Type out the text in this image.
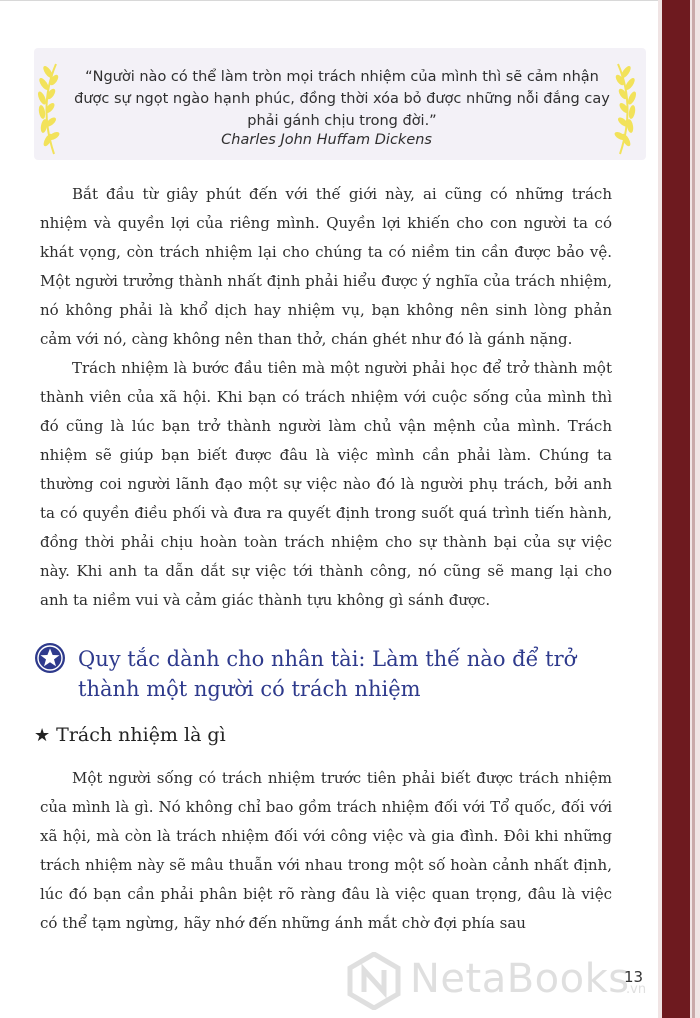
“Người nào có thể làm tròn mọi trách nhiệm của mình thì sẽ cảm nhận được sự ngọt ngào hạnh phúc, đồng thời xóa bỏ được những nỗi đắng cay phải gánh chịu trong đời.”
Charles John Huffam Dickens
Bắt đầu từ giây phút đến với thế giới này, ai cũng có những trách nhiệm và quyền lợi của riêng mình. Quyền lợi khiến cho con người ta có khát vọng, còn trách nhiệm lại cho chúng ta có niềm tin cần được bảo vệ. Một người trưởng thành nhất định phải hiểu được ý nghĩa của trách nhiệm, nó không phải là khổ dịch hay nhiệm vụ, bạn không nên sinh lòng phản cảm với nó, càng không nên than thở, chán ghét như đó là gánh nặng.
Trách nhiệm là bước đầu tiên mà một người phải học để trở thành một thành viên của xã hội. Khi bạn có trách nhiệm với cuộc sống của mình thì đó cũng là lúc bạn trở thành người làm chủ vận mệnh của mình. Trách nhiệm sẽ giúp bạn biết được đâu là việc mình cần phải làm. Chúng ta thường coi người lãnh đạo một sự việc nào đó là người phụ trách, bởi anh ta có quyền điều phối và đưa ra quyết định trong suốt quá trình tiến hành, đồng thời phải chịu hoàn toàn trách nhiệm cho sự thành bại của sự việc này. Khi anh ta dẫn dắt sự việc tới thành công, nó cũng sẽ mang lại cho anh ta niềm vui và cảm giác thành tựu không gì sánh được.
Quy tắc dành cho nhân tài: Làm thế nào để trở thành một người có trách nhiệm
★ Trách nhiệm là gì
Một người sống có trách nhiệm trước tiên phải biết được trách nhiệm của mình là gì. Nó không chỉ bao gồm trách nhiệm đối với Tổ quốc, đối với xã hội, mà còn là trách nhiệm đối với công việc và gia đình. Đôi khi những trách nhiệm này sẽ mâu thuẫn với nhau trong một số hoàn cảnh nhất định, lúc đó bạn cần phải phân biệt rõ ràng đâu là việc quan trọng, đâu là việc có thể tạm ngừng, hãy nhớ đến những ánh mắt chờ đợi phía sau
NetaBooks
.vn
13
